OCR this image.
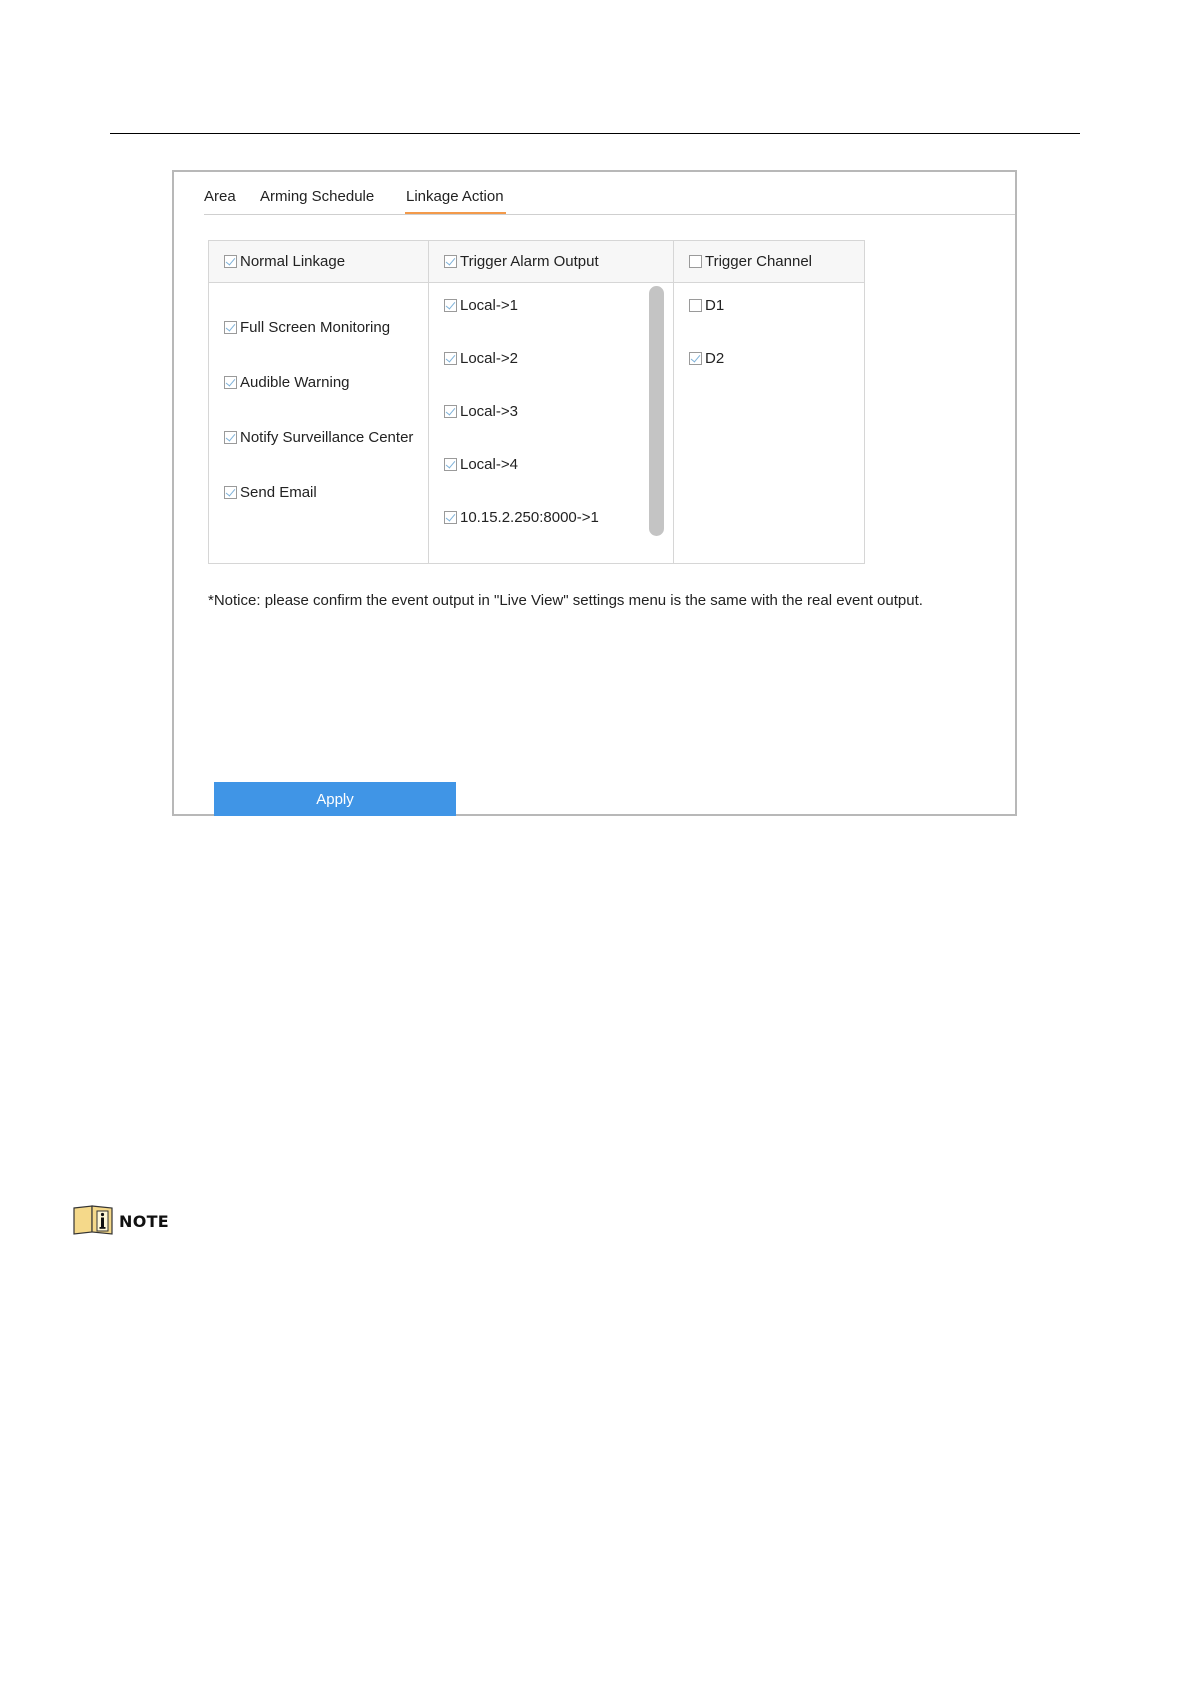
Area Arming Schedule Linkage Action
Normal Linkage
Full Screen Monitoring
Audible Warning
Notify Surveillance Center
Send Email
Trigger Alarm Output
Local->1
Local->2
Local->3
Local->4
10.15.2.250:8000->1
Trigger Channel
D1
D2
*Notice: please confirm the event output in "Live View" settings menu is the same with the real event output.
Apply
NOTE
